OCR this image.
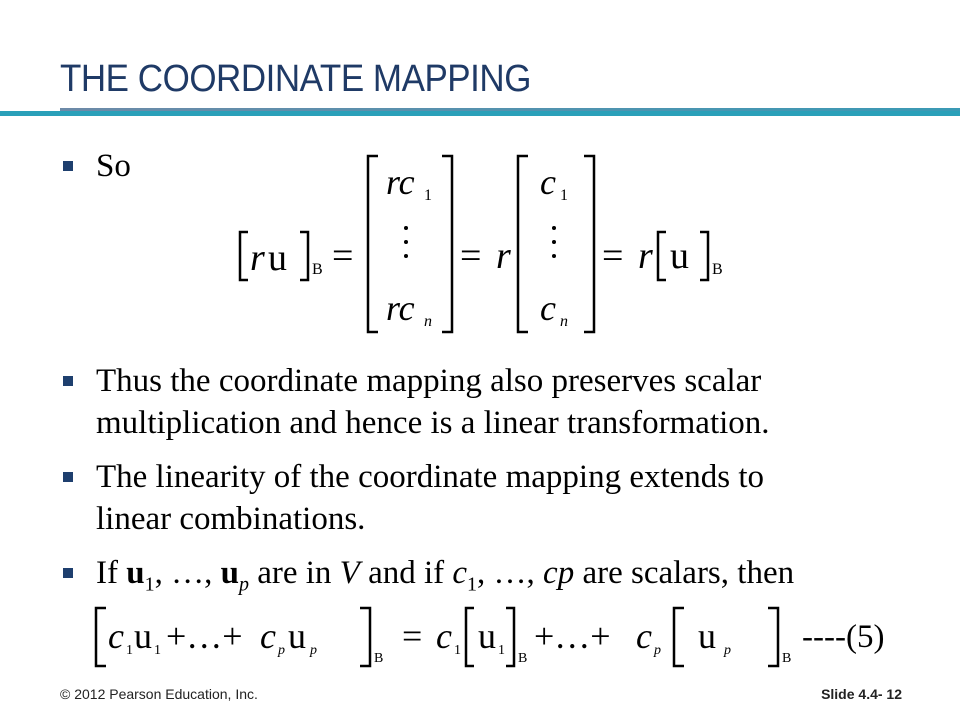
THE COORDINATE MAPPING
So
r u B =
rc 1
rc n
= r
c 1
c n
= r u B
Thus the coordinate mapping also preserves scalar
multiplication and hence is a linear transformation.
The linearity of the coordinate mapping extends to
linear combinations.
If $u_1$, …, $u_p$ are in V and if $c_1$, …, cp are scalars, then
c 1 u 1 +…+ c p u p
B
= c 1 u 1
B
+…+ c p u p
B
----(5)
© 2012 Pearson Education, Inc.	Slide 4.4- 12
